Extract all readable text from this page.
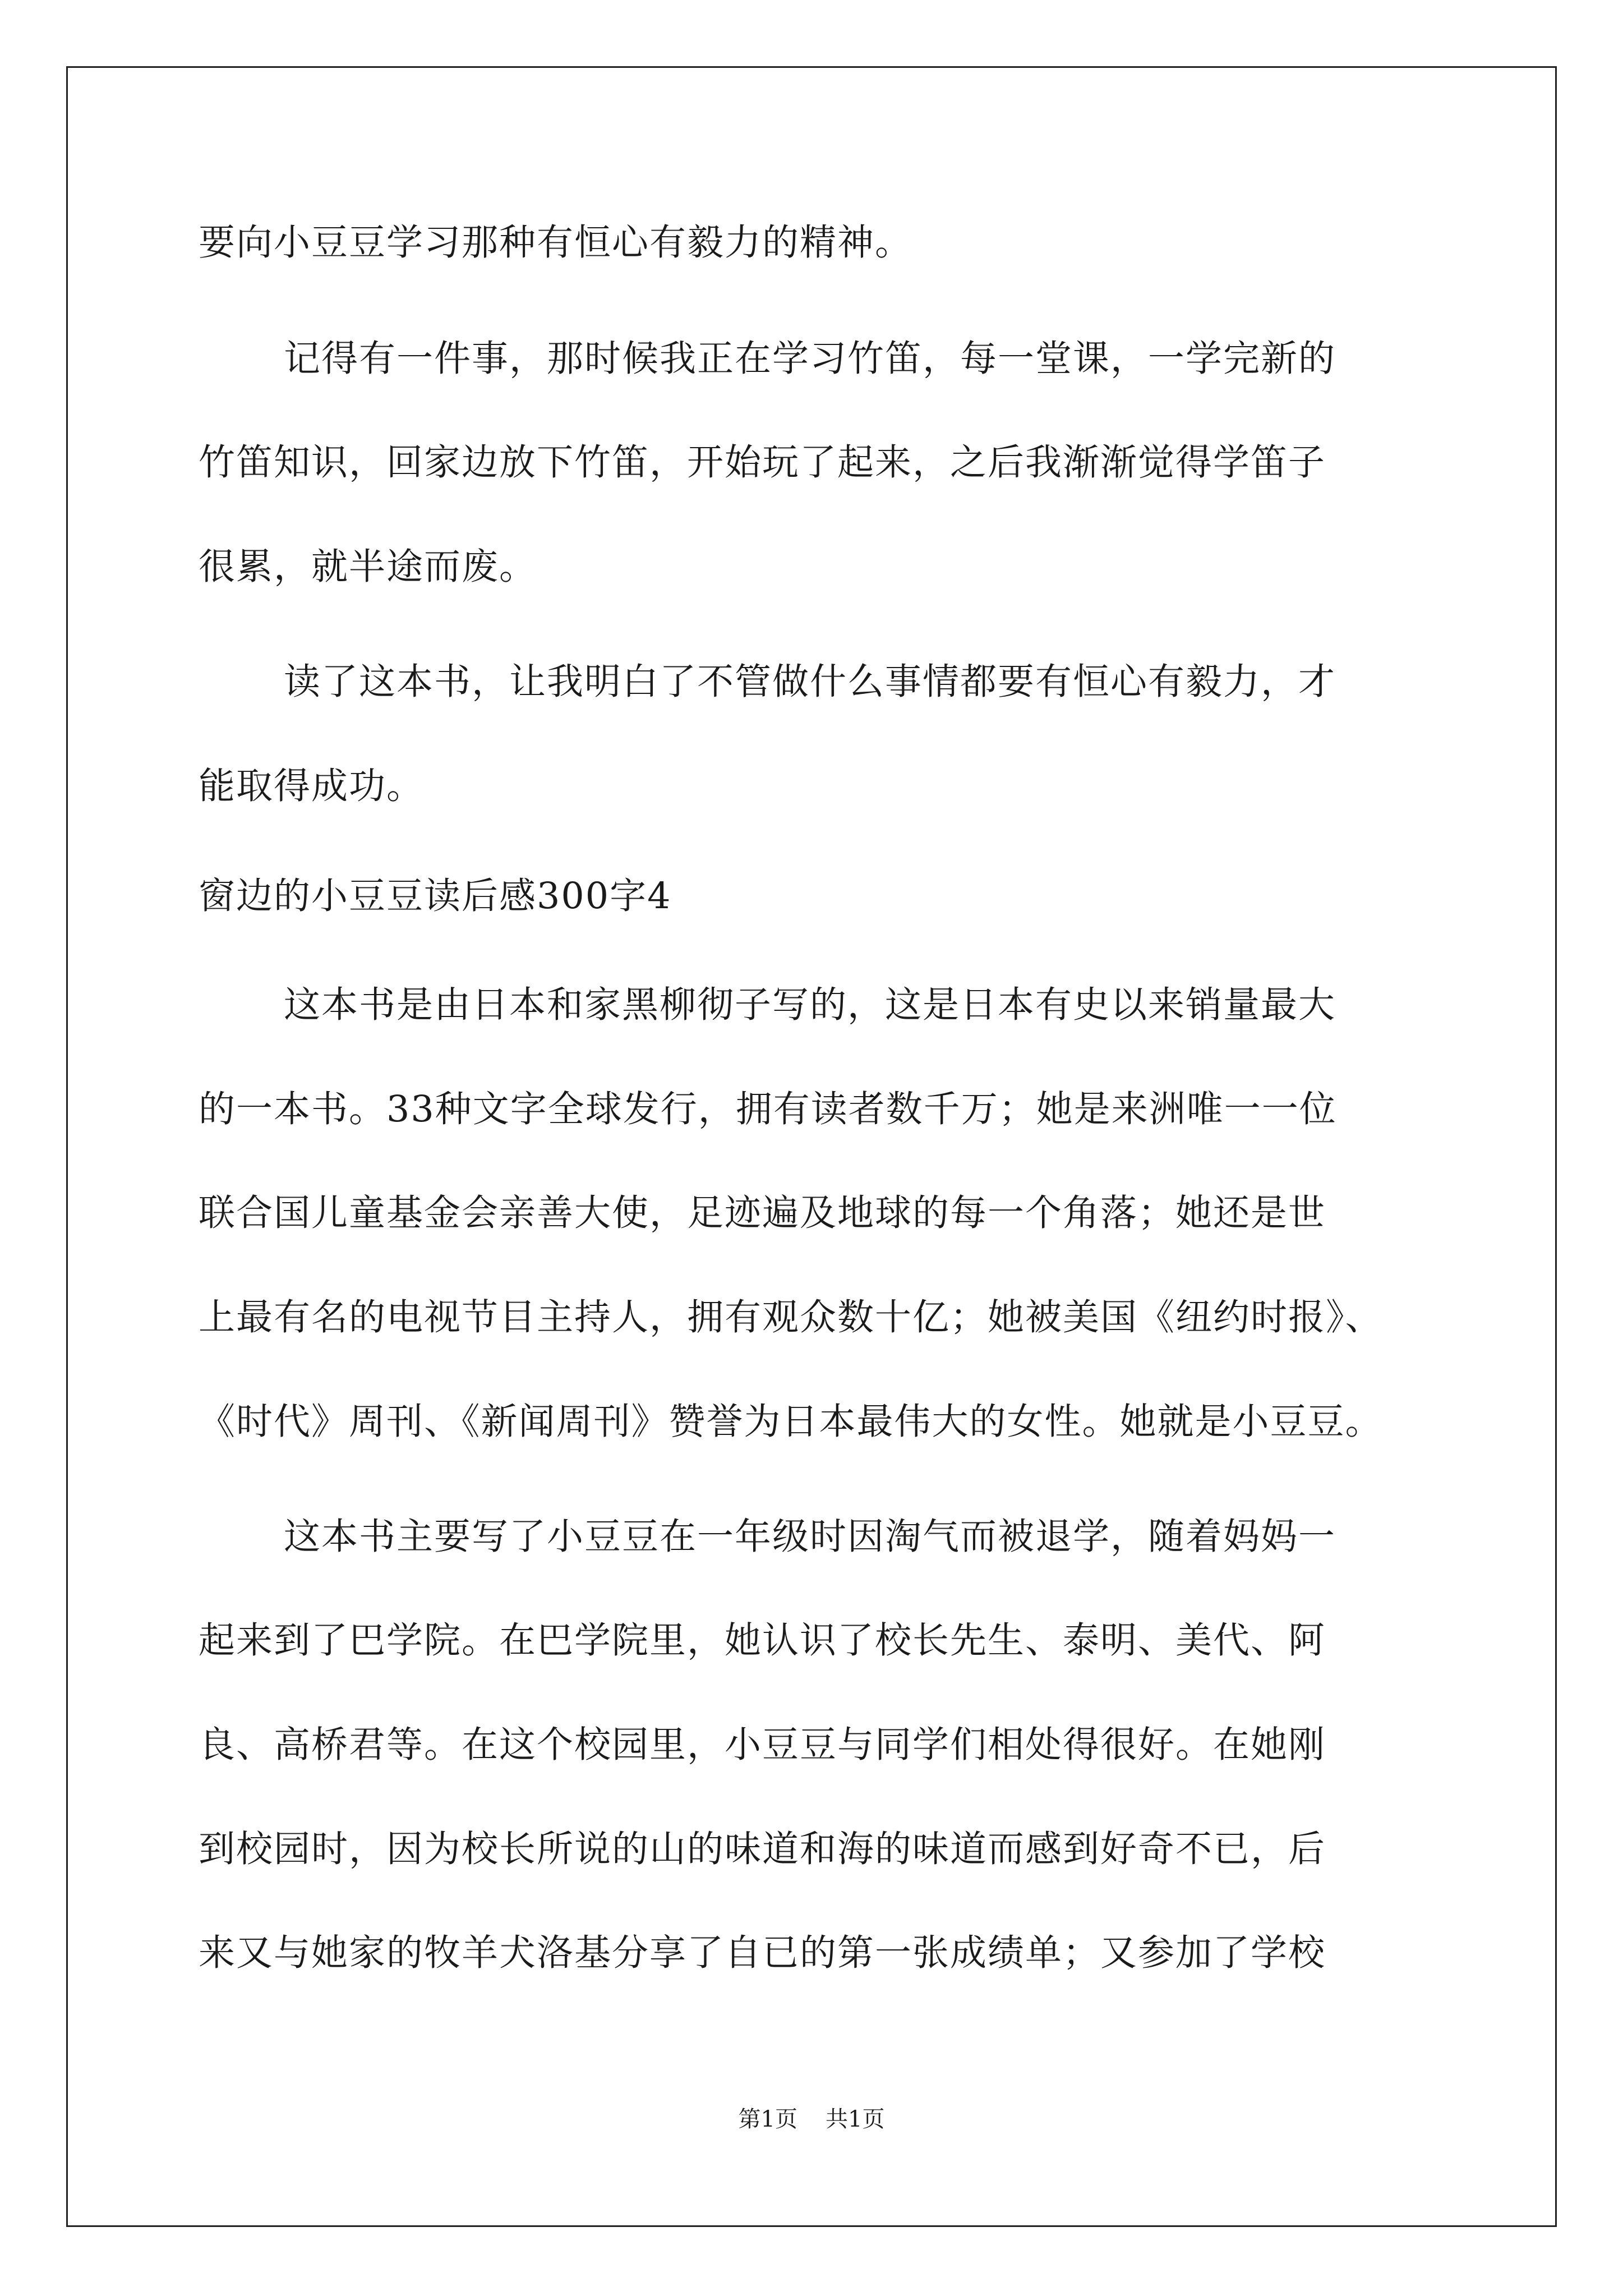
要向小豆豆学习那种有恒心有毅力的精神。
记得有一件事，那时候我正在学习竹笛，每一堂课，一学完新的
竹笛知识，回家边放下竹笛，开始玩了起来，之后我渐渐觉得学笛子
很累，就半途而废。
读了这本书，让我明白了不管做什么事情都要有恒心有毅力，才
能取得成功。
窗边的小豆豆读后感300字4
这本书是由日本和家黑柳彻子写的，这是日本有史以来销量最大
的一本书。33种文字全球发行，拥有读者数千万；她是来洲唯一一位
联合国儿童基金会亲善大使，足迹遍及地球的每一个角落；她还是世
上最有名的电视节目主持人，拥有观众数十亿；她被美国《纽约时报》、
《时代》周刊、《新闻周刊》赞誉为日本最伟大的女性。她就是小豆豆。
这本书主要写了小豆豆在一年级时因淘气而被退学，随着妈妈一
起来到了巴学院。在巴学院里，她认识了校长先生、泰明、美代、阿
良、高桥君等。在这个校园里，小豆豆与同学们相处得很好。在她刚
到校园时，因为校长所说的山的味道和海的味道而感到好奇不已，后
来又与她家的牧羊犬洛基分享了自已的第一张成绩单；又参加了学校
第1页 共1页
